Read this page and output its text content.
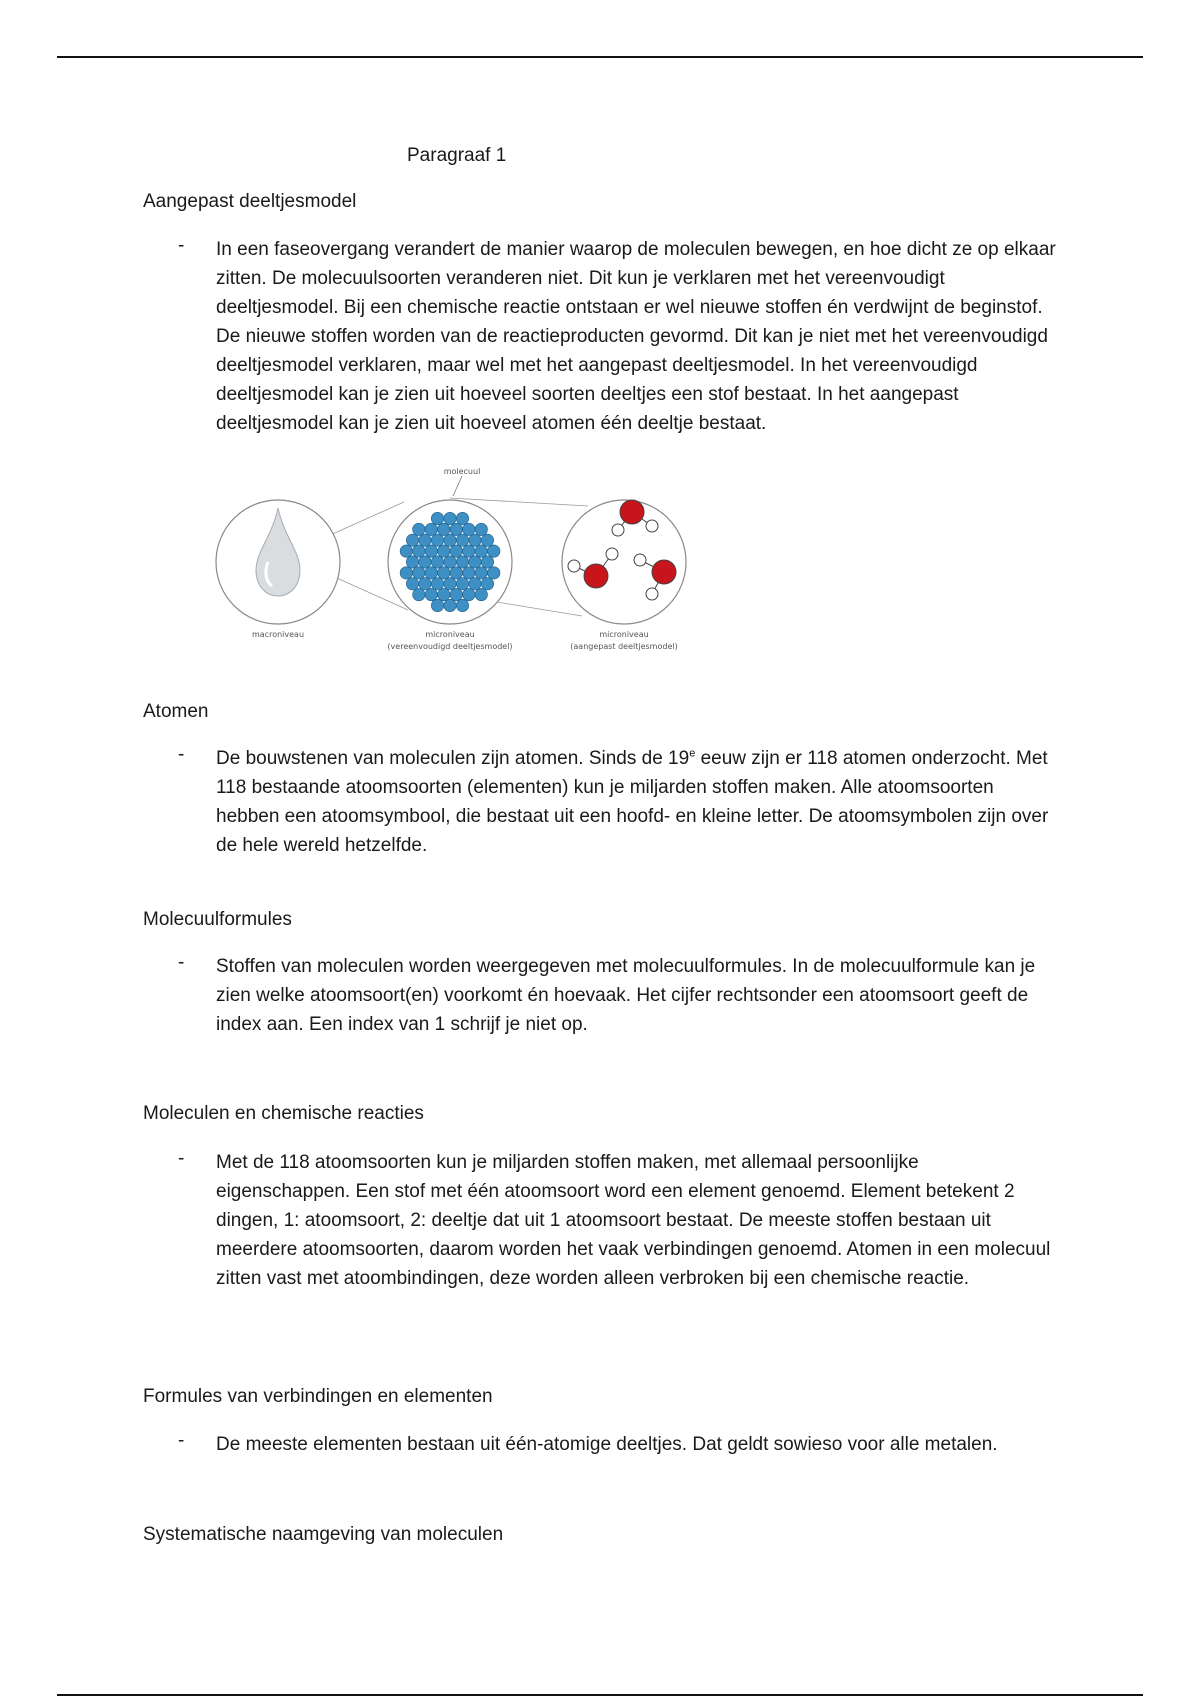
Paragraaf 1
Aangepast deeltjesmodel
- In een faseovergang verandert de manier waarop de moleculen bewegen, en hoe dicht ze op elkaar zitten. De molecuulsoorten veranderen niet. Dit kun je verklaren met het vereenvoudigt deeltjesmodel. Bij een chemische reactie ontstaan er wel nieuwe stoffen én verdwijnt de beginstof. De nieuwe stoffen worden van de reactieproducten gevormd. Dit kan je niet met het vereenvoudigd deeltjesmodel verklaren, maar wel met het aangepast deeltjesmodel. In het vereenvoudigd deeltjesmodel kan je zien uit hoeveel soorten deeltjes een stof bestaat. In het aangepast deeltjesmodel kan je zien uit hoeveel atomen één deeltje bestaat.
molecuul
macroniveau	microniveau
(vereenvoudigd deeltjesmodel)
microniveau
(aangepast deeltjesmodel)
Atomen
- De bouwstenen van moleculen zijn atomen. Sinds de 19e eeuw zijn er 118 atomen onderzocht. Met 118 bestaande atoomsoorten (elementen) kun je miljarden stoffen maken. Alle atoomsoorten hebben een atoomsymbool, die bestaat uit een hoofd- en kleine letter. De atoomsymbolen zijn over de hele wereld hetzelfde.
Molecuulformules
- Stoffen van moleculen worden weergegeven met molecuulformules. In de molecuulformule kan je zien welke atoomsoort(en) voorkomt én hoevaak. Het cijfer rechtsonder een atoomsoort geeft de index aan. Een index van 1 schrijf je niet op.
Moleculen en chemische reacties
- Met de 118 atoomsoorten kun je miljarden stoffen maken, met allemaal persoonlijke eigenschappen. Een stof met één atoomsoort word een element genoemd. Element betekent 2 dingen, 1: atoomsoort, 2: deeltje dat uit 1 atoomsoort bestaat. De meeste stoffen bestaan uit meerdere atoomsoorten, daarom worden het vaak verbindingen genoemd. Atomen in een molecuul zitten vast met atoombindingen, deze worden alleen verbroken bij een chemische reactie.
Formules van verbindingen en elementen
- De meeste elementen bestaan uit één-atomige deeltjes. Dat geldt sowieso voor alle metalen.
Systematische naamgeving van moleculen
